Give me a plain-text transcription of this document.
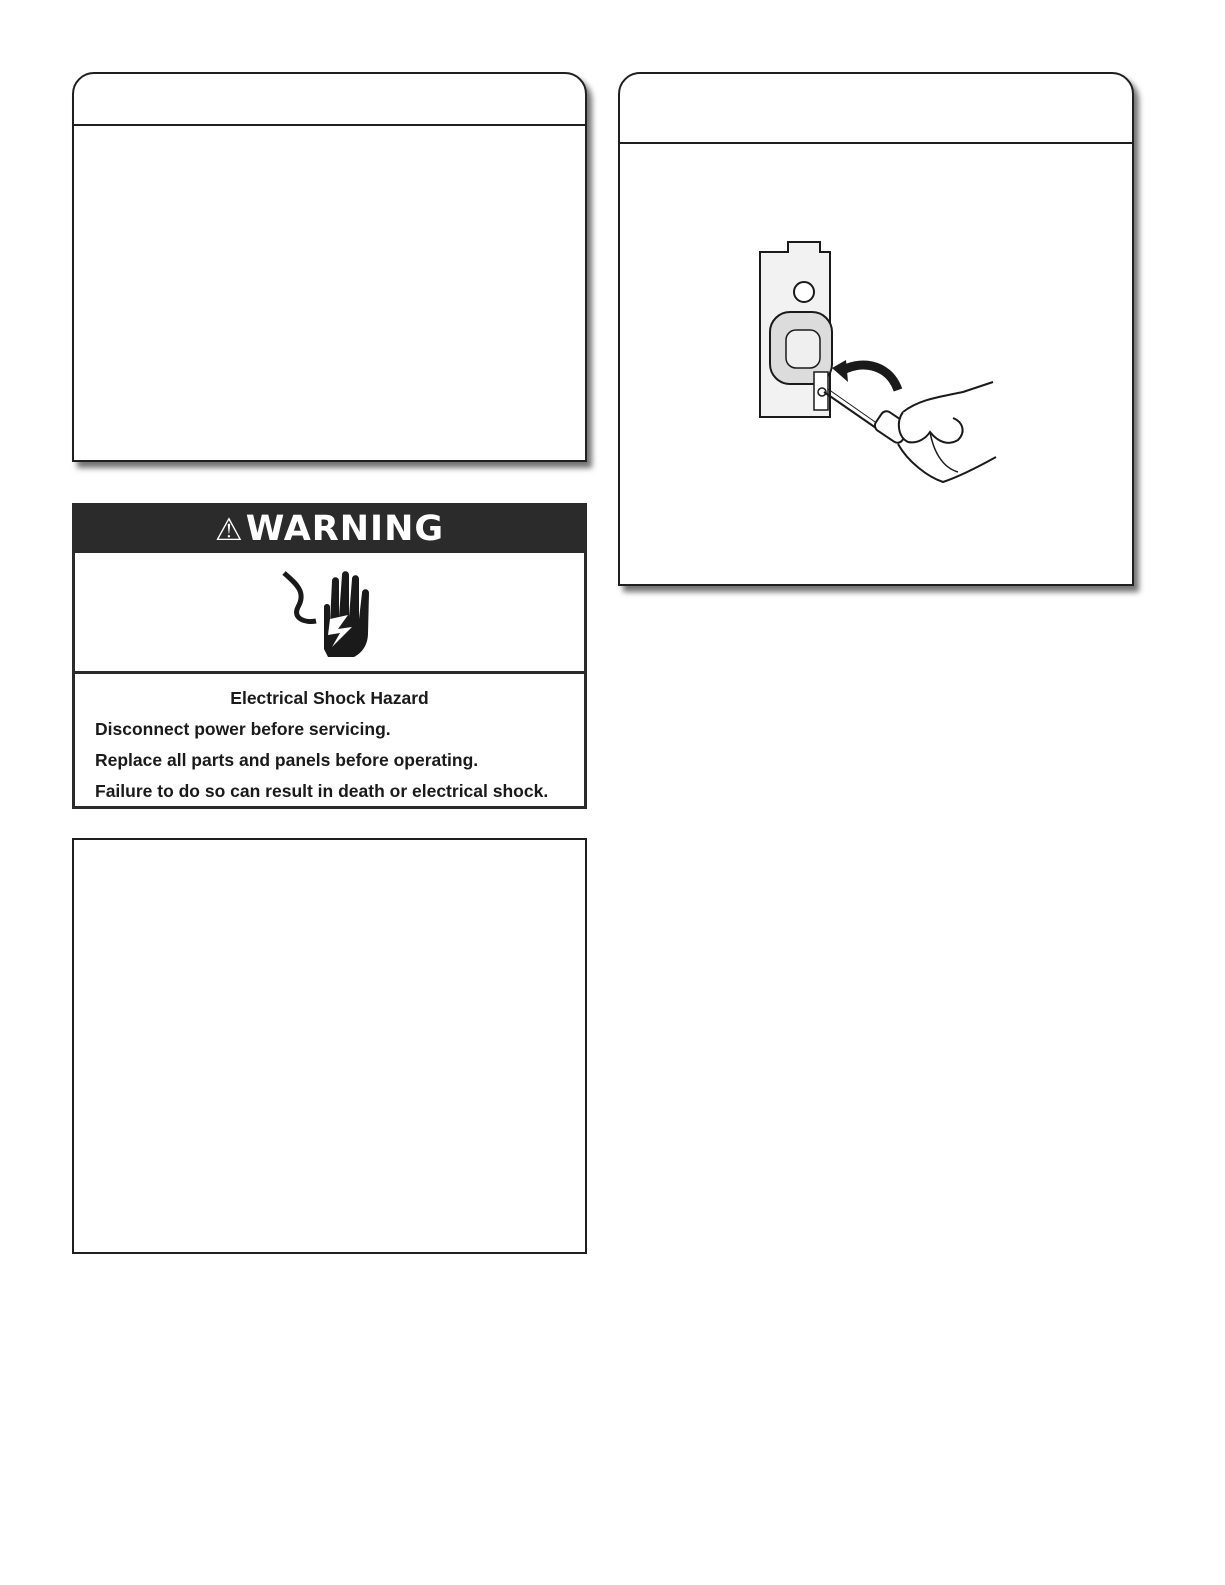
⚠WARNING
Electrical Shock Hazard
Disconnect power before servicing.
Replace all parts and panels before operating.
Failure to do so can result in death or electrical shock.
